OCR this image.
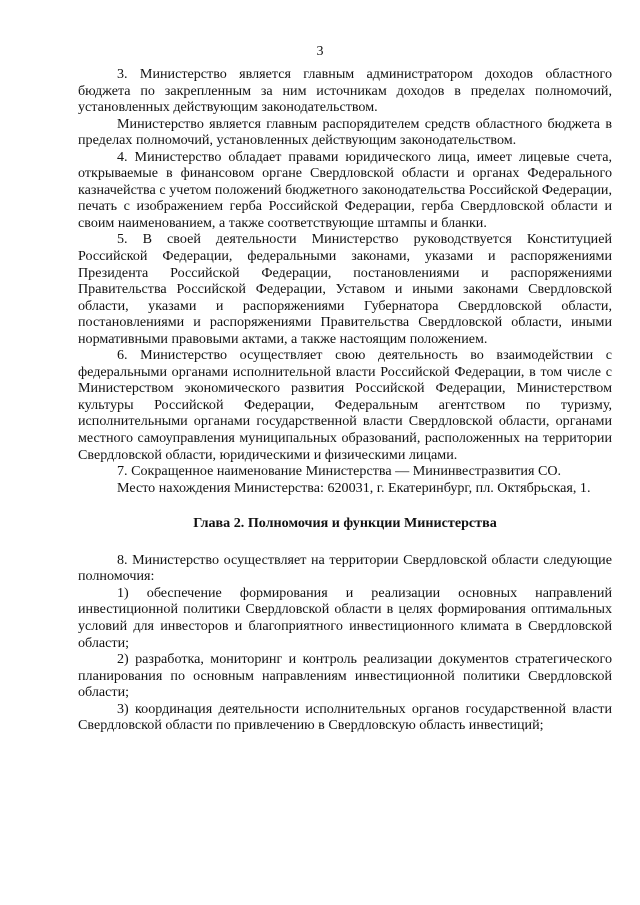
3

3. Министерство является главным администратором доходов областного бюджета по закрепленным за ним источникам доходов в пределах полномочий, установленных действующим законодательством.

Министерство является главным распорядителем средств областного бюджета в пределах полномочий, установленных действующим законодательством.

4. Министерство обладает правами юридического лица, имеет лицевые счета, открываемые в финансовом органе Свердловской области и органах Федерального казначейства с учетом положений бюджетного законодательства Российской Федерации, печать с изображением герба Российской Федерации, герба Свердловской области и своим наименованием, а также соответствующие штампы и бланки.

5. В своей деятельности Министерство руководствуется Конституцией Российской Федерации, федеральными законами, указами и распоряжениями Президента Российской Федерации, постановлениями и распоряжениями Правительства Российской Федерации, Уставом и иными законами Свердловской области, указами и распоряжениями Губернатора Свердловской области, постановлениями и распоряжениями Правительства Свердловской области, иными нормативными правовыми актами, а также настоящим положением.

6. Министерство осуществляет свою деятельность во взаимодействии с федеральными органами исполнительной власти Российской Федерации, в том числе с Министерством экономического развития Российской Федерации, Министерством культуры Российской Федерации, Федеральным агентством по туризму, исполнительными органами государственной власти Свердловской области, органами местного самоуправления муниципальных образований, расположенных на территории Свердловской области, юридическими и физическими лицами.

7. Сокращенное наименование Министерства — Мининвестразвития СО.

Место нахождения Министерства: 620031, г. Екатеринбург, пл. Октябрьская, 1.

Глава 2. Полномочия и функции Министерства

8. Министерство осуществляет на территории Свердловской области следующие полномочия:

1) обеспечение формирования и реализации основных направлений инвестиционной политики Свердловской области в целях формирования оптимальных условий для инвесторов и благоприятного инвестиционного климата в Свердловской области;

2) разработка, мониторинг и контроль реализации документов стратегического планирования по основным направлениям инвестиционной политики Свердловской области;

3) координация деятельности исполнительных органов государственной власти Свердловской области по привлечению в Свердловскую область инвестиций;
